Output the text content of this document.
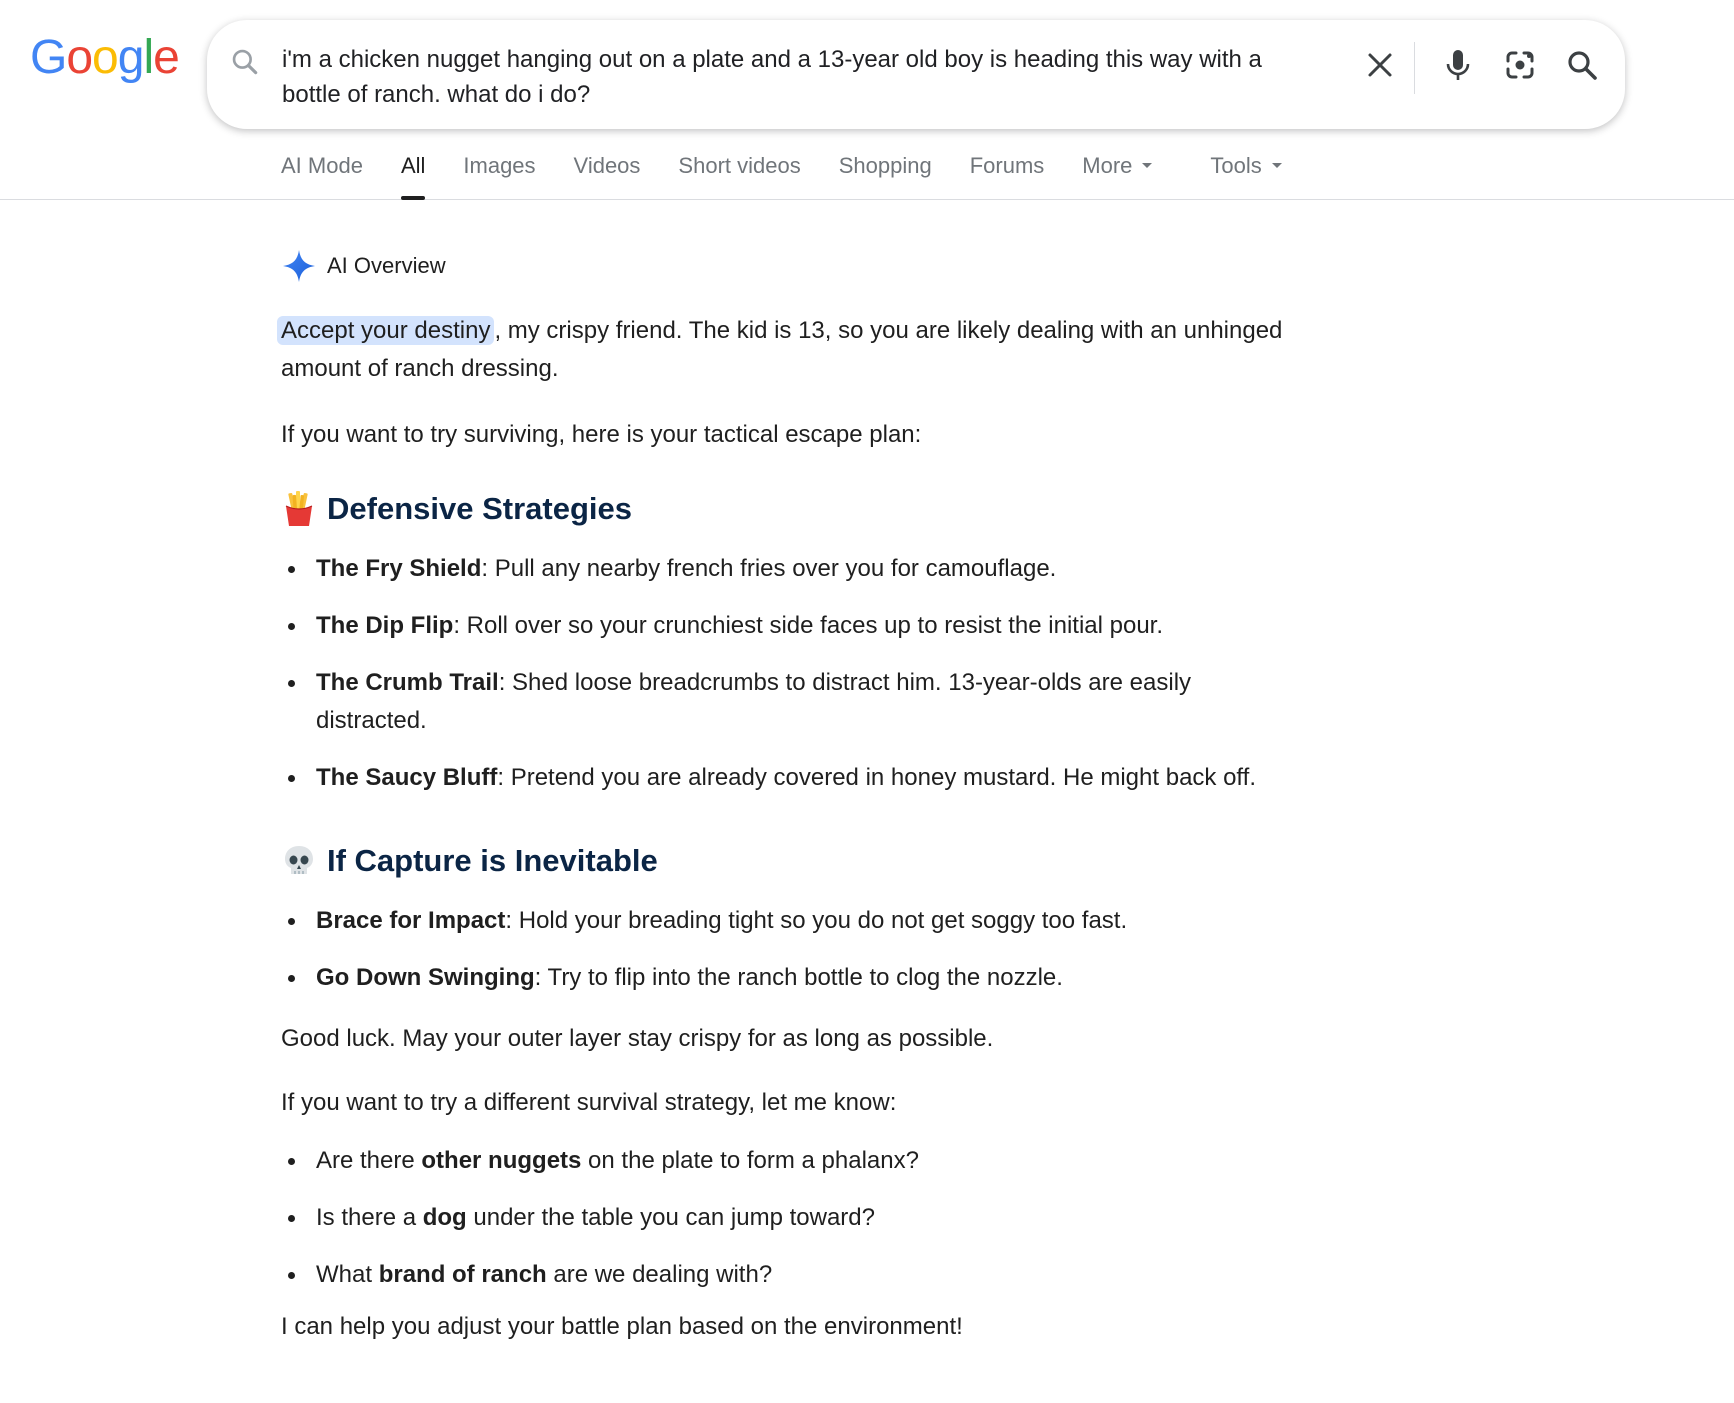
Google	i'm a chicken nugget hanging out on a plate and a 13-year old boy is heading this way with a bottle of ranch. what do i do?
AI Mode All Images Videos Short videos Shopping Forums More	Tools
AI Overview

Accept your destiny , my crispy friend. The kid is 13, so you are likely dealing with an unhinged amount of ranch dressing.

If you want to try surviving, here is your tactical escape plan:

Defensive Strategies
The Fry Shield: Pull any nearby french fries over you for camouflage.
The Dip Flip: Roll over so your crunchiest side faces up to resist the initial pour.
The Crumb Trail: Shed loose breadcrumbs to distract him. 13-year-olds are easily distracted.
The Saucy Bluff: Pretend you are already covered in honey mustard. He might back off.
If Capture is Inevitable
Brace for Impact: Hold your breading tight so you do not get soggy too fast.
Go Down Swinging: Try to flip into the ranch bottle to clog the nozzle.

Good luck. May your outer layer stay crispy for as long as possible.

If you want to try a different survival strategy, let me know:

Are there other nuggets on the plate to form a phalanx?
Is there a dog under the table you can jump toward?
What brand of ranch are we dealing with?

I can help you adjust your battle plan based on the environment!
